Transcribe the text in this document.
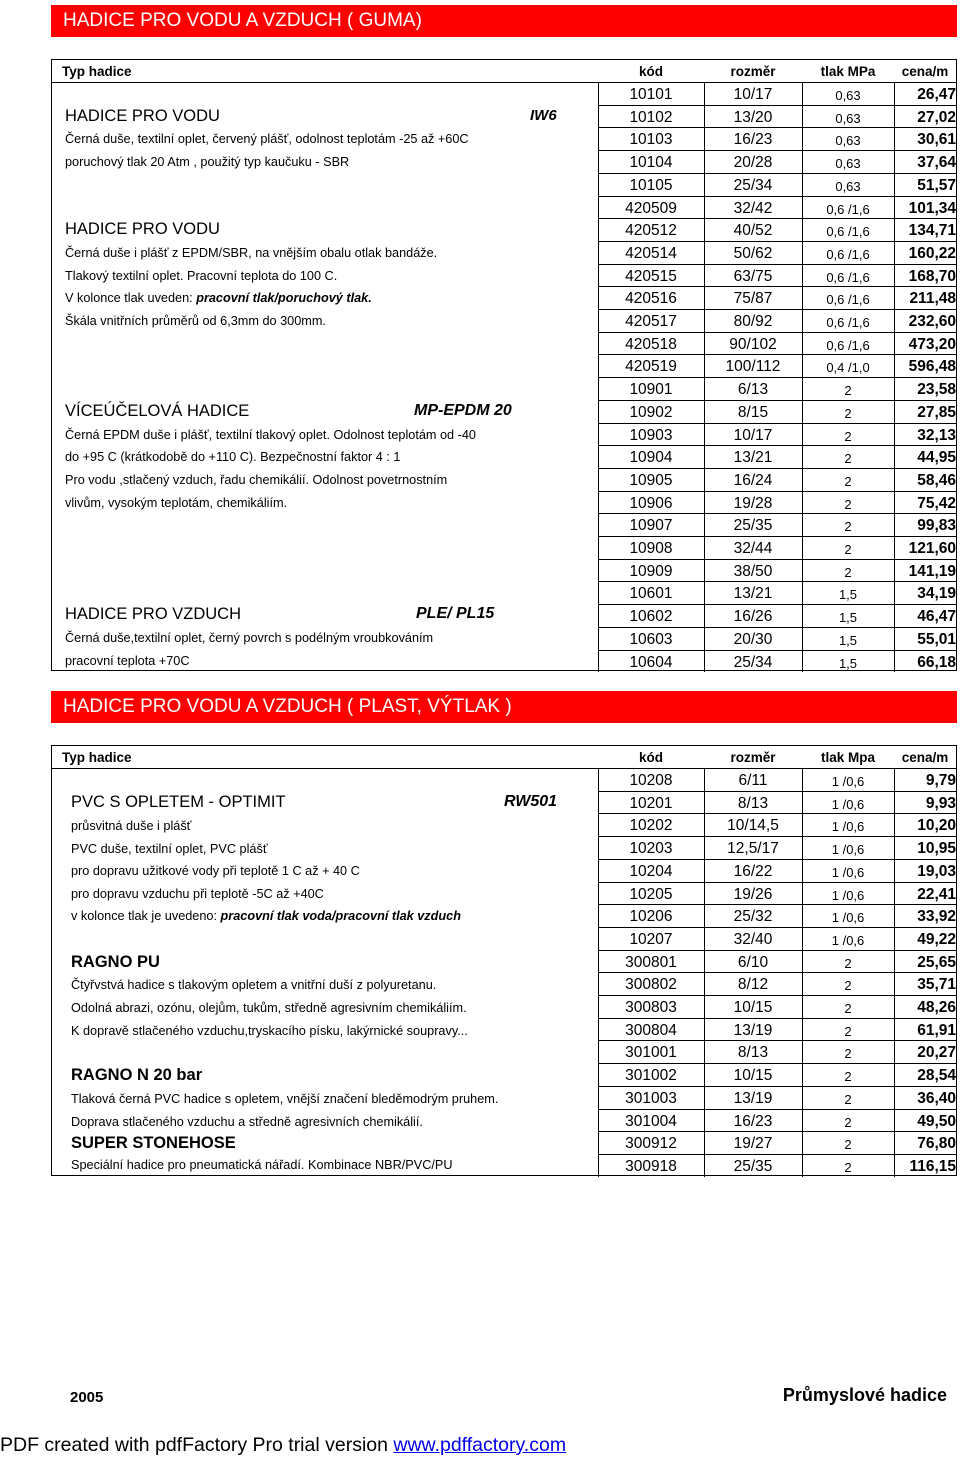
HADICE PRO VODU A VZDUCH ( GUMA)
Typ hadice	kód	rozměr	tlak MPa	cena/m
10101	10/17	0,63	26,47
10102	13/20	0,63	27,02
10103	16/23	0,63	30,61
10104	20/28	0,63	37,64
10105	25/34	0,63	51,57
420509	32/42	0,6 /1,6	101,34
420512	40/52	0,6 /1,6	134,71
420514	50/62	0,6 /1,6	160,22
420515	63/75	0,6 /1,6	168,70
420516	75/87	0,6 /1,6	211,48
420517	80/92	0,6 /1,6	232,60
420518	90/102	0,6 /1,6	473,20
420519	100/112	0,4 /1,0	596,48
10901	6/13	2	23,58
10902	8/15	2	27,85
10903	10/17	2	32,13
10904	13/21	2	44,95
10905	16/24	2	58,46
10906	19/28	2	75,42
10907	25/35	2	99,83
10908	32/44	2	121,60
10909	38/50	2	141,19
10601	13/21	1,5	34,19
10602	16/26	1,5	46,47
10603	20/30	1,5	55,01
10604	25/34	1,5	66,18
HADICE PRO VODU	IW6
Černá duše, textilní oplet, červený plášť, odolnost teplotám -25 až +60C
poruchový tlak 20 Atm , použitý typ kaučuku - SBR
HADICE PRO VODU
Černá duše i plášť z EPDM/SBR, na vnějším obalu otlak bandáže.
Tlakový textilní oplet. Pracovní teplota do 100 C.
V kolonce tlak uveden: pracovní tlak/poruchový tlak.
Škála vnitřních průměrů od 6,3mm do 300mm.
VÍCEÚČELOVÁ HADICE	MP-EPDM 20
Černá EPDM duše i plášť, textilní tlakový oplet. Odolnost teplotám od -40
do +95 C (krátkodobě do +110 C). Bezpečnostní faktor 4 : 1
Pro vodu ,stlačený vzduch, řadu chemikálií. Odolnost povetrnostním
vlivům, vysokým teplotám, chemikáliím.
HADICE PRO VZDUCH	PLE/ PL15
Černá duše,textilní oplet, černý povrch s podélným vroubkováním
pracovní teplota +70C
HADICE PRO VODU A VZDUCH ( PLAST, VÝTLAK )
Typ hadice	kód	rozměr	tlak Mpa	cena/m
10208	6/11	1 /0,6	9,79
10201	8/13	1 /0,6	9,93
10202	10/14,5	1 /0,6	10,20
10203	12,5/17	1 /0,6	10,95
10204	16/22	1 /0,6	19,03
10205	19/26	1 /0,6	22,41
10206	25/32	1 /0,6	33,92
10207	32/40	1 /0,6	49,22
300801	6/10	2	25,65
300802	8/12	2	35,71
300803	10/15	2	48,26
300804	13/19	2	61,91
301001	8/13	2	20,27
301002	10/15	2	28,54
301003	13/19	2	36,40
301004	16/23	2	49,50
300912	19/27	2	76,80
300918	25/35	2	116,15
PVC S OPLETEM - OPTIMIT	RW501
průsvitná duše i plášť
PVC duše, textilní oplet, PVC plášť
pro dopravu užitkové vody při teplotě 1 C až + 40 C
pro dopravu vzduchu při teplotě -5C až +40C
v kolonce tlak je uvedeno: pracovní tlak voda/pracovní tlak vzduch
RAGNO PU
Čtyřvstvá hadice s tlakovým opletem a vnitřní duší z polyuretanu.
Odolná abrazi, ozónu, olejům, tukům, středně agresivním chemikáliím.
K dopravě stlačeného vzduchu,tryskacího písku, lakýrnické soupravy...
RAGNO N 20 bar
Tlaková černá PVC hadice s opletem, vnější značení bleděmodrým pruhem.
Doprava stlačeného vzduchu a středně agresivních chemikálií.
SUPER STONEHOSE
Speciální hadice pro pneumatická nářadí. Kombinace NBR/PVC/PU
2005	Průmyslové hadice
PDF created with pdfFactory Pro trial version www.pdffactory.com
